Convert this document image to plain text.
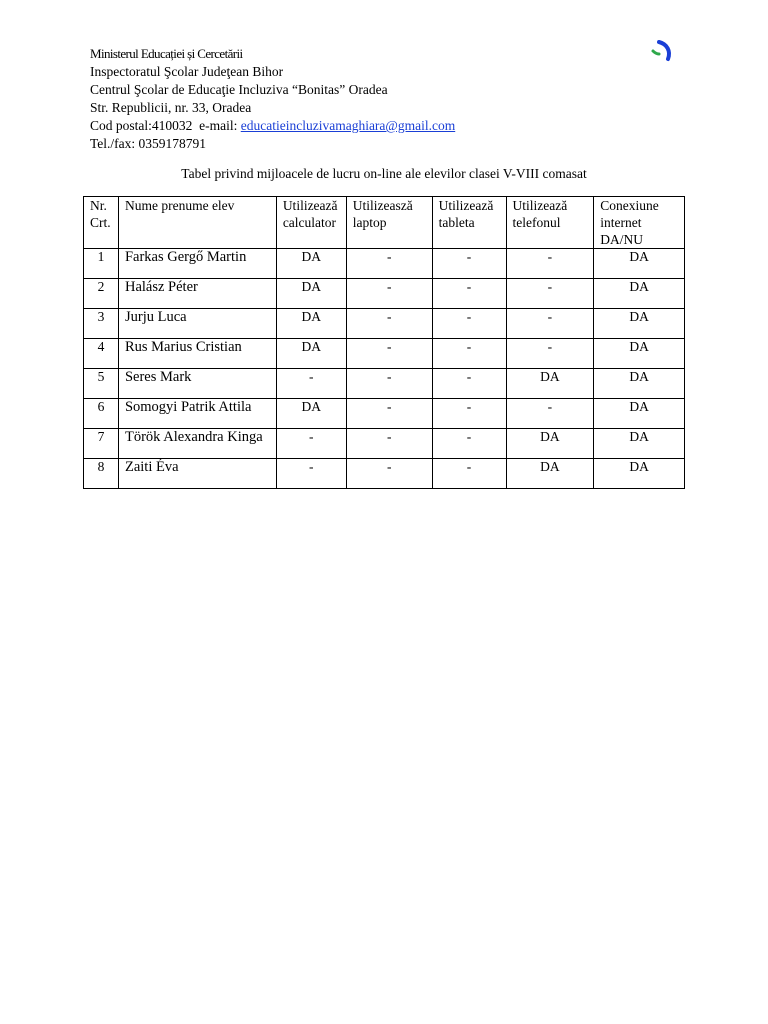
Ministerul Educației și Cercetării
Inspectoratul Şcolar Judeţean Bihor
Centrul Şcolar de Educaţie Incluziva “Bonitas” Oradea
Str. Republicii, nr. 33, Oradea
Cod postal:410032  e-mail: educatieincluzivamaghiara@gmail.com
Tel./fax: 0359178791
Tabel privind mijloacele de lucru on-line ale elevilor clasei V-VIII comasat
Nr. Crt.	Nume prenume elev	Utilizează calculator	Utilizeasză laptop	Utilizează tableta	Utilizează telefonul	Conexiune internet DA/NU
1	Farkas Gergő Martin	DA	-	-	-	DA
2	Halász Péter	DA	-	-	-	DA
3	Jurju Luca	DA	-	-	-	DA
4	Rus Marius Cristian	DA	-	-	-	DA
5	Seres Mark	-	-	-	DA	DA
6	Somogyi Patrik Attila	DA	-	-	-	DA
7	Török Alexandra Kinga	-	-	-	DA	DA
8	Zaiti Éva	-	-	-	DA	DA
